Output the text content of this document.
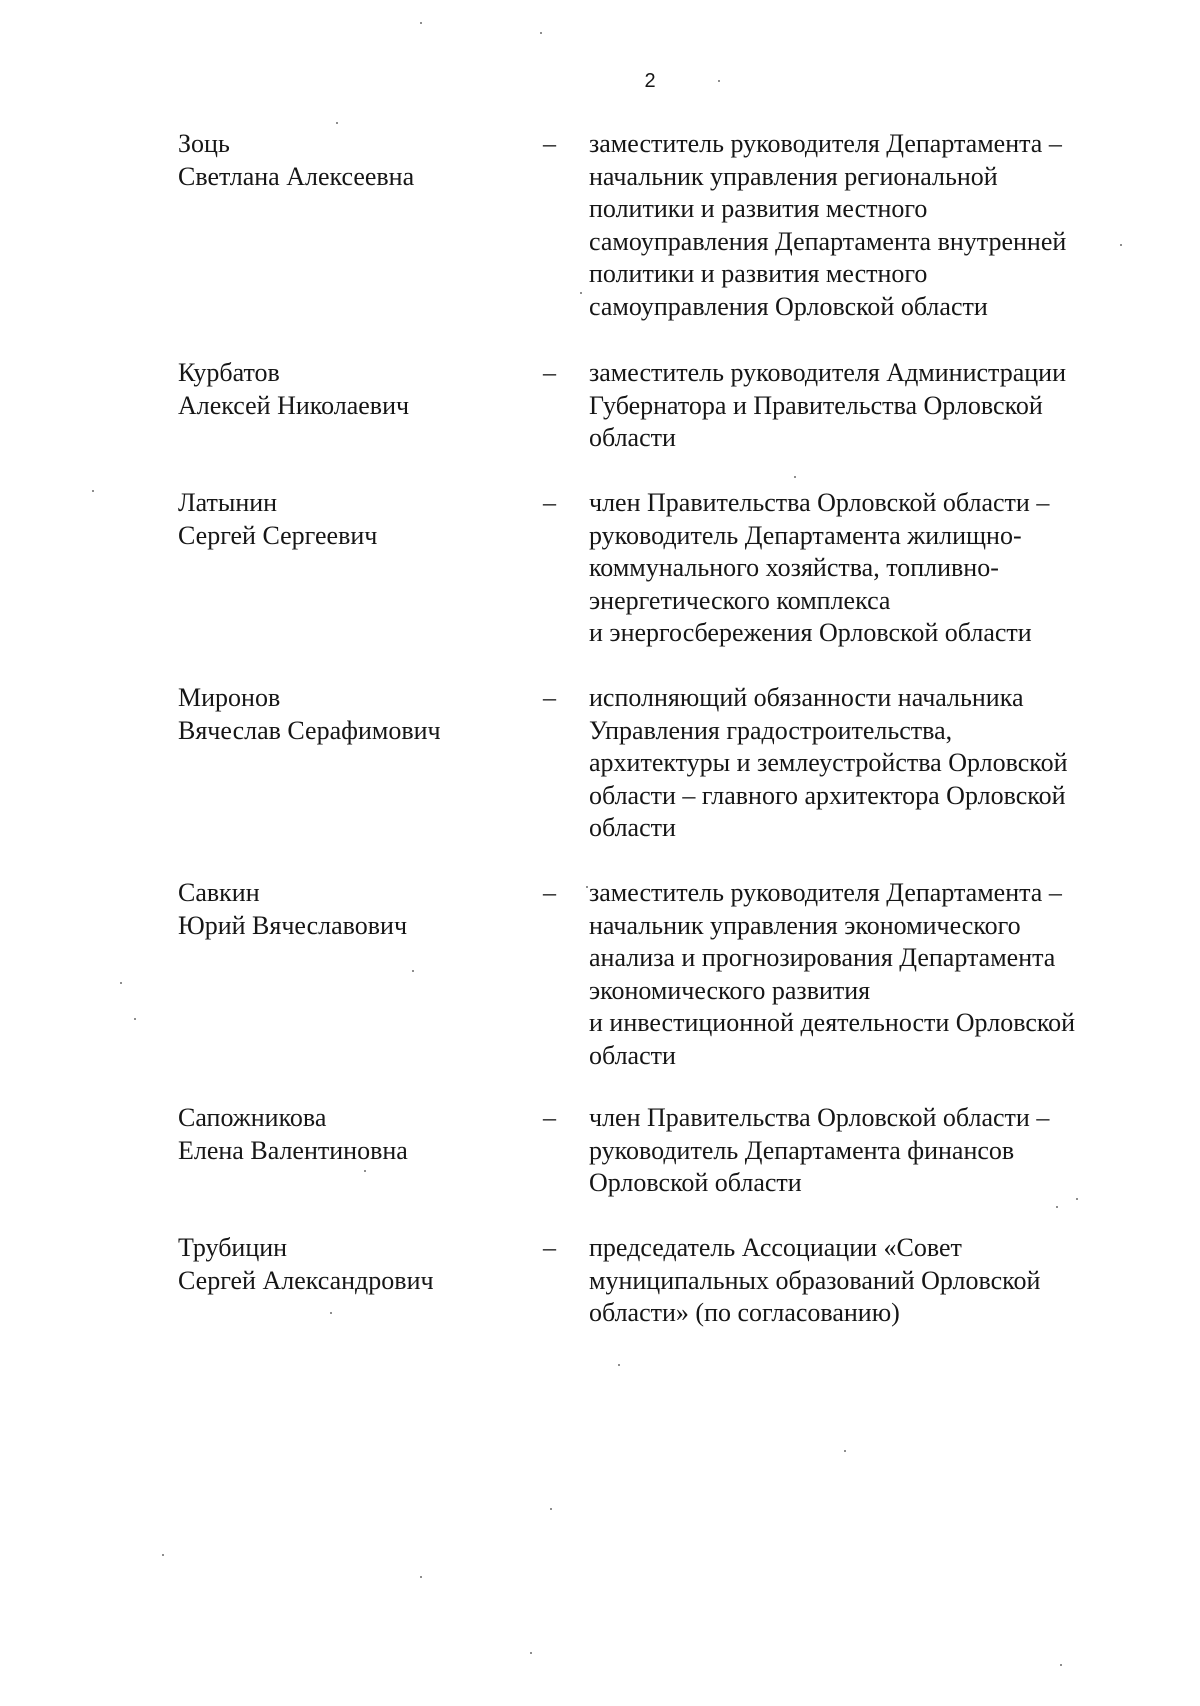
2
Зоць
Светлана Алексеевна
– заместитель руководителя Департамента –
начальник управления региональной
политики и развития местного
самоуправления Департамента внутренней
политики и развития местного
самоуправления Орловской области
Курбатов
Алексей Николаевич
– заместитель руководителя Администрации
Губернатора и Правительства Орловской
области
Латынин
Сергей Сергеевич
– член Правительства Орловской области –
руководитель Департамента жилищно-
коммунального хозяйства, топливно-
энергетического комплекса
и энергосбережения Орловской области
Миронов
Вячеслав Серафимович
– исполняющий обязанности начальника
Управления градостроительства,
архитектуры и землеустройства Орловской
области – главного архитектора Орловской
области
Савкин
Юрий Вячеславович
– заместитель руководителя Департамента –
начальник управления экономического
анализа и прогнозирования Департамента
экономического развития
и инвестиционной деятельности Орловской
области
Сапожникова
Елена Валентиновна
– член Правительства Орловской области –
руководитель Департамента финансов
Орловской области
Трубицин
Сергей Александрович
– председатель Ассоциации «Совет
муниципальных образований Орловской
области» (по согласованию)
